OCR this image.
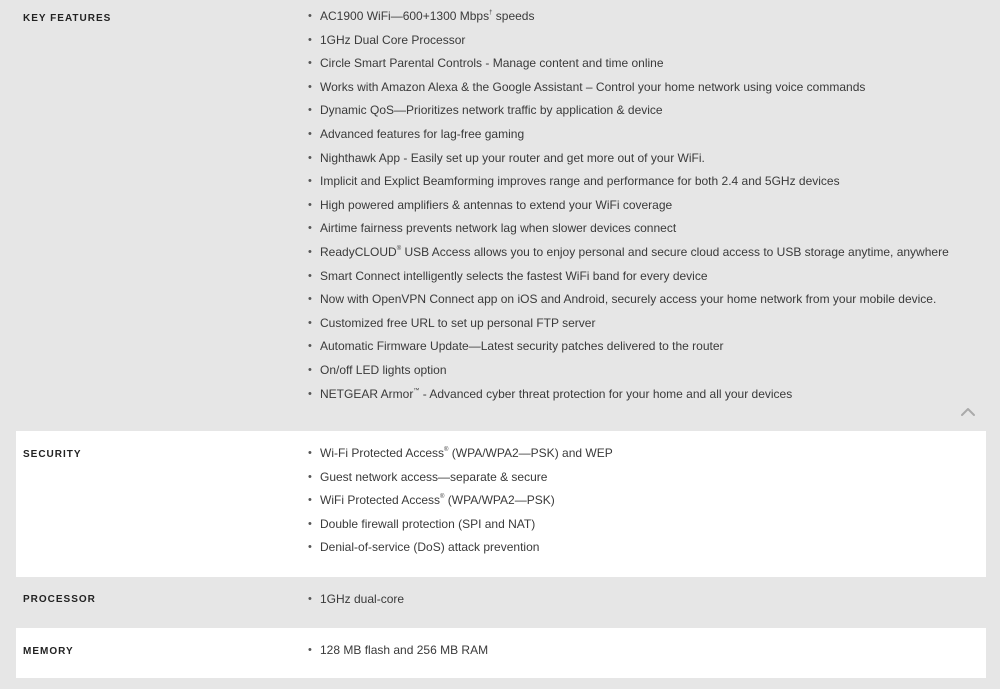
KEY FEATURES	• AC1900 WiFi—600+1300 Mbps† speeds
• 1GHz Dual Core Processor
• Circle Smart Parental Controls - Manage content and time online
• Works with Amazon Alexa & the Google Assistant – Control your home network using voice commands
• Dynamic QoS—Prioritizes network traffic by application & device
• Advanced features for lag-free gaming
• Nighthawk App - Easily set up your router and get more out of your WiFi.
• Implicit and Explict Beamforming improves range and performance for both 2.4 and 5GHz devices
• High powered amplifiers & antennas to extend your WiFi coverage
• Airtime fairness prevents network lag when slower devices connect
• ReadyCLOUD® USB Access allows you to enjoy personal and secure cloud access to USB storage anytime, anywhere
• Smart Connect intelligently selects the fastest WiFi band for every device
• Now with OpenVPN Connect app on iOS and Android, securely access your home network from your mobile device.
• Customized free URL to set up personal FTP server
• Automatic Firmware Update—Latest security patches delivered to the router
• On/off LED lights option
• NETGEAR Armor™ - Advanced cyber threat protection for your home and all your devices
SECURITY	• Wi-Fi Protected Access® (WPA/WPA2—PSK) and WEP
• Guest network access—separate & secure
• WiFi Protected Access® (WPA/WPA2—PSK)
• Double firewall protection (SPI and NAT)
• Denial-of-service (DoS) attack prevention
PROCESSOR	• 1GHz dual-core
MEMORY	• 128 MB flash and 256 MB RAM
